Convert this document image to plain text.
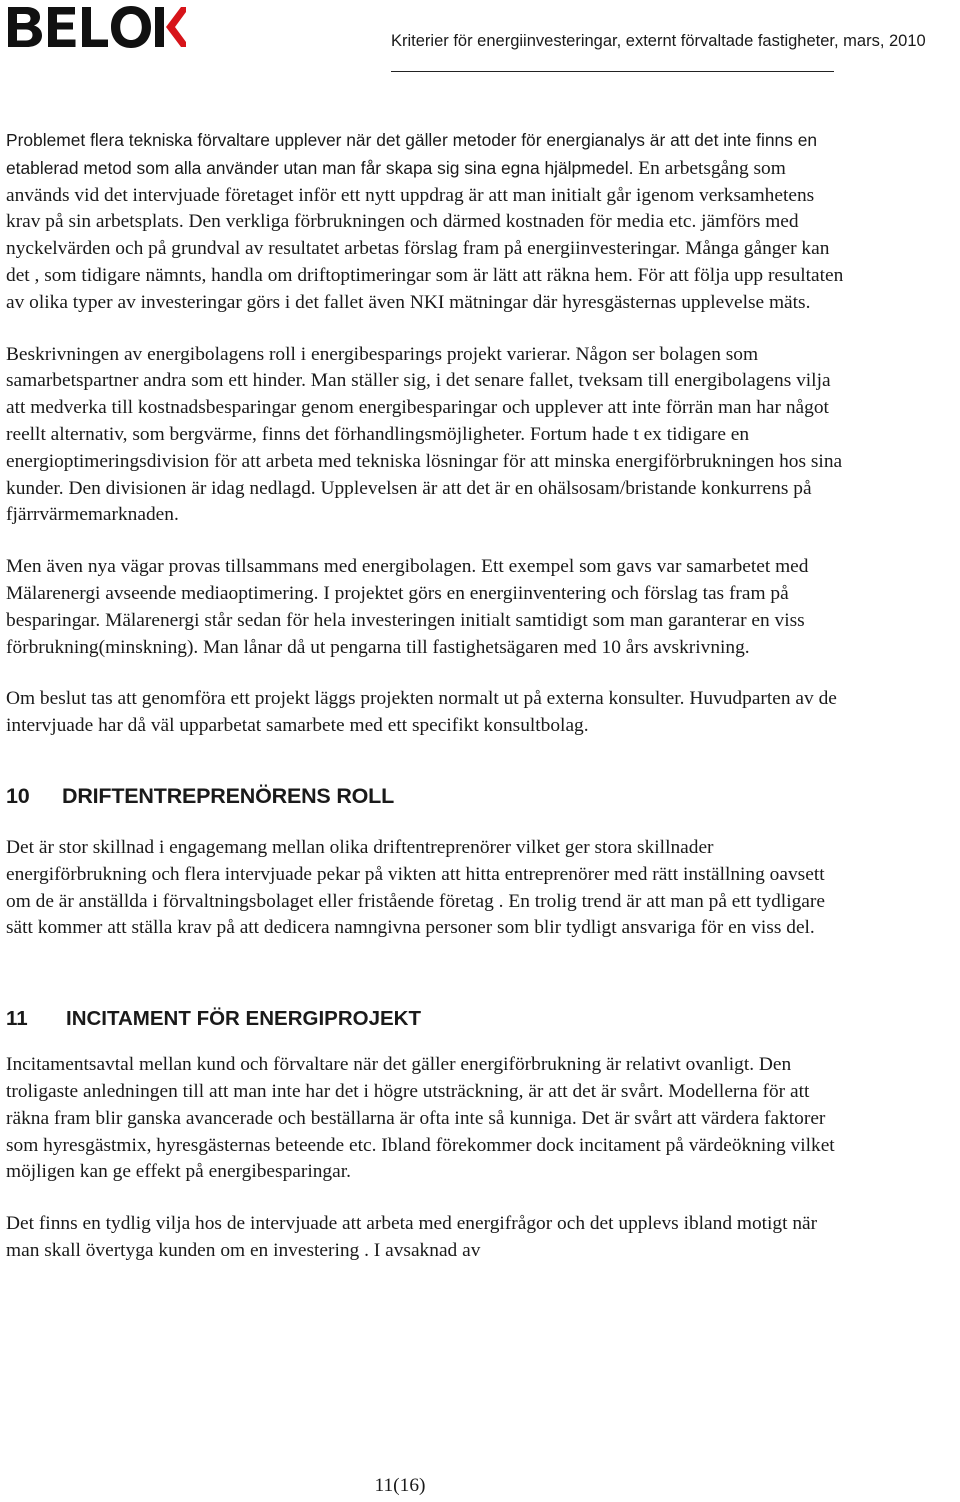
Kriterier för energiinvesteringar, externt förvaltade fastigheter, mars, 2010

Problemet flera tekniska förvaltare upplever när det gäller metoder för energianalys är att det inte finns en etablerad metod som alla använder utan man får skapa sig sina egna hjälpmedel. En arbetsgång som används vid det intervjuade företaget inför ett nytt uppdrag är att man initialt går igenom verksamhetens krav på sin arbetsplats. Den verkliga förbrukningen och därmed kostnaden för media etc. jämförs med nyckelvärden och på grundval av resultatet arbetas förslag fram på energiinvesteringar. Många gånger kan det , som tidigare nämnts, handla om driftoptimeringar som är lätt att räkna hem. För att följa upp resultaten av olika typer av investeringar görs i det fallet även NKI mätningar där hyresgästernas upplevelse mäts.

Beskrivningen av energibolagens roll i energibesparings projekt varierar. Någon ser bolagen som samarbetspartner andra som ett hinder. Man ställer sig, i det senare fallet, tveksam till energibolagens vilja att medverka till kostnadsbesparingar genom energibesparingar och upplever att inte förrän man har något reellt alternativ, som bergvärme, finns det förhandlingsmöjligheter. Fortum hade t ex tidigare en energioptimeringsdivision för att arbeta med tekniska lösningar för att minska energiförbrukningen hos sina kunder. Den divisionen är idag nedlagd. Upplevelsen är att det är en ohälsosam/bristande konkurrens på fjärrvärmemarknaden.

Men även nya vägar provas tillsammans med energibolagen. Ett exempel som gavs var samarbetet med Mälarenergi avseende mediaoptimering. I projektet görs en energiinventering och förslag tas fram på besparingar. Mälarenergi står sedan för hela investeringen initialt samtidigt som man garanterar en viss förbrukning(minskning). Man lånar då ut pengarna till fastighetsägaren med 10 års avskrivning.

Om beslut tas att genomföra ett projekt läggs projekten normalt ut på externa konsulter. Huvudparten av de intervjuade har då väl upparbetat samarbete med ett specifikt konsultbolag.

10 DRIFTENTREPRENÖRENS ROLL

Det är stor skillnad i engagemang mellan olika driftentreprenörer vilket ger stora skillnader energiförbrukning och flera intervjuade pekar på vikten att hitta entreprenörer med rätt inställning oavsett om de är anställda i förvaltningsbolaget eller fristående företag . En trolig trend är att man på ett tydligare sätt kommer att ställa krav på att dedicera namngivna personer som blir tydligt ansvariga för en viss del.

11 INCITAMENT FÖR ENERGIPROJEKT

Incitamentsavtal mellan kund och förvaltare när det gäller energiförbrukning är relativt ovanligt. Den troligaste anledningen till att man inte har det i högre utsträckning, är att det är svårt. Modellerna för att räkna fram blir ganska avancerade och beställarna är ofta inte så kunniga. Det är svårt att värdera faktorer som hyresgästmix, hyresgästernas beteende etc. Ibland förekommer dock incitament på värdeökning vilket möjligen kan ge effekt på energibesparingar.

Det finns en tydlig vilja hos de intervjuade att arbeta med energifrågor och det upplevs ibland motigt när man skall övertyga kunden om en investering . I avsaknad av

11(16)
